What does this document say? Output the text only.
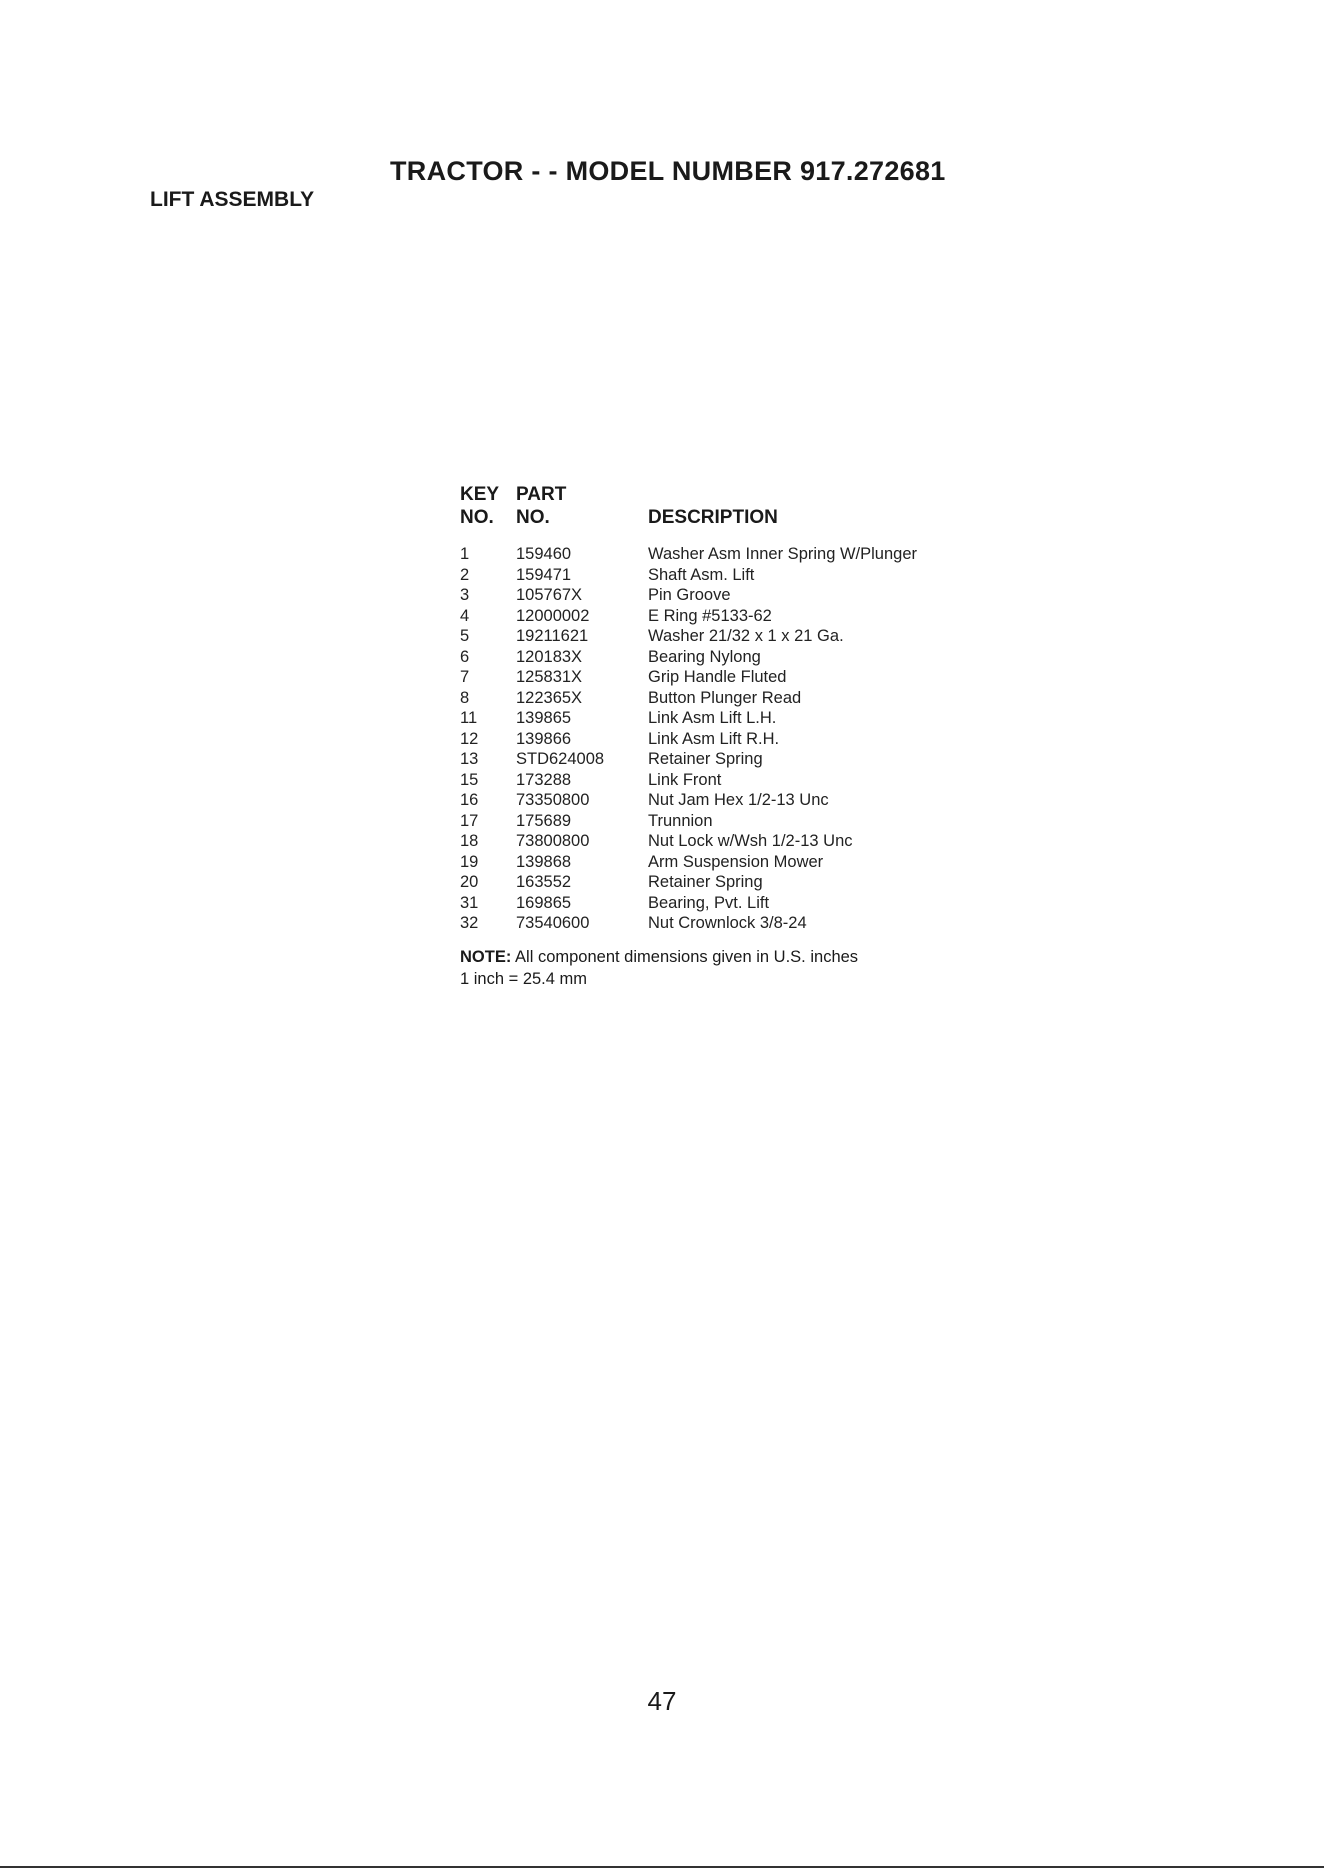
TRACTOR - - MODEL NUMBER 917.272681
LIFT ASSEMBLY
KEY PART
NO. NO.	DESCRIPTION
1	159460	Washer Asm Inner Spring W/Plunger
2	159471	Shaft Asm. Lift
3	105767X	Pin Groove
4	12000002	E Ring #5133-62
5	19211621	Washer 21/32 x 1 x 21 Ga.
6	120183X	Bearing Nylong
7	125831X	Grip Handle Fluted
8	122365X	Button Plunger Read
11 139865	Link Asm Lift L.H.
12 139866	Link Asm Lift R.H.
13 STD624008	Retainer Spring
15 173288	Link Front
16 73350800	Nut Jam Hex 1/2-13 Unc
17 175689	Trunnion
18 73800800	Nut Lock w/Wsh 1/2-13 Unc
19 139868	Arm Suspension Mower
20 163552	Retainer Spring
31 169865	Bearing, Pvt. Lift
32 73540600	Nut Crownlock 3/8-24
NOTE: All component dimensions given in U.S. inches
1 inch = 25.4 mm
47
